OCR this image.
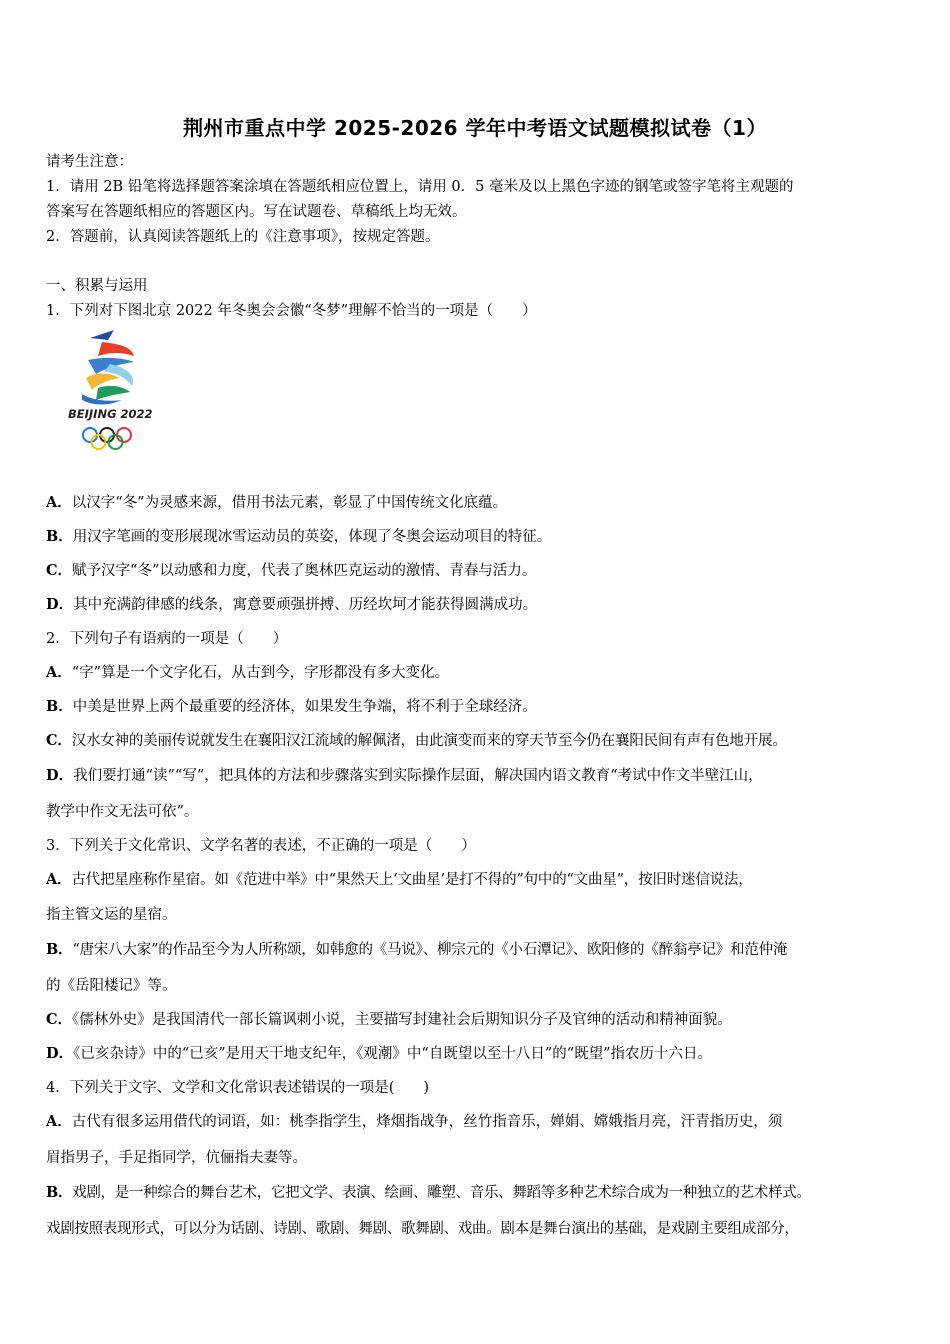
荆州市重点中学 2025-2026 学年中考语文试题模拟试卷（1）
请考生注意：
1．请用 2B 铅笔将选择题答案涂填在答题纸相应位置上，请用 0．5 毫米及以上黑色字迹的钢笔或签字笔将主观题的
答案写在答题纸相应的答题区内。写在试题卷、草稿纸上均无效。
2．答题前，认真阅读答题纸上的《注意事项》，按规定答题。
一、积累与运用
1．下列对下图北京 2022 年冬奥会会徽“冬梦”理解不恰当的一项是（　　）
BEIJING 2022
A．以汉字“冬”为灵感来源，借用书法元素，彰显了中国传统文化底蕴。
B．用汉字笔画的变形展现冰雪运动员的英姿，体现了冬奥会运动项目的特征。
C．赋予汉字“冬”以动感和力度，代表了奥林匹克运动的激情、青春与活力。
D．其中充满韵律感的线条，寓意要顽强拼搏、历经坎坷才能获得圆满成功。
2．下列句子有语病的一项是（　　）
A．“字”算是一个文字化石，从古到今，字形都没有多大变化。
B．中美是世界上两个最重要的经济体，如果发生争端，将不利于全球经济。
C．汉水女神的美丽传说就发生在襄阳汉江流域的解佩渚，由此演变而来的穿天节至今仍在襄阳民间有声有色地开展。
D．我们要打通“读”“写”，把具体的方法和步骤落实到实际操作层面，解决国内语文教育“考试中作文半壁江山，
教学中作文无法可依”。
3．下列关于文化常识、文学名著的表述，不正确的一项是（　　）
A．古代把星座称作星宿。如《范进中举》中“果然天上‘文曲星’是打不得的”句中的“文曲星”，按旧时迷信说法，
指主管文运的星宿。
B．“唐宋八大家”的作品至今为人所称颂，如韩愈的《马说》、柳宗元的《小石潭记》、欧阳修的《醉翁亭记》和范仲淹
的《岳阳楼记》等。
C．《儒林外史》是我国清代一部长篇讽刺小说，主要描写封建社会后期知识分子及官绅的活动和精神面貌。
D．《已亥杂诗》中的“已亥”是用天干地支纪年，《观潮》中“自既望以至十八日”的“既望”指农历十六日。
4．下列关于文字、文学和文化常识表述错误的一项是(　　)
A．古代有很多运用借代的词语，如：桃李指学生，烽烟指战争，丝竹指音乐，婵娟、嫦娥指月亮，汗青指历史，须
眉指男子，手足指同学，伉俪指夫妻等。
B．戏剧，是一种综合的舞台艺术，它把文学、表演、绘画、雕塑、音乐、舞蹈等多种艺术综合成为一种独立的艺术样式。
戏剧按照表现形式，可以分为话剧、诗剧、歌剧、舞剧、歌舞剧、戏曲。剧本是舞台演出的基础，是戏剧主要组成部分，
